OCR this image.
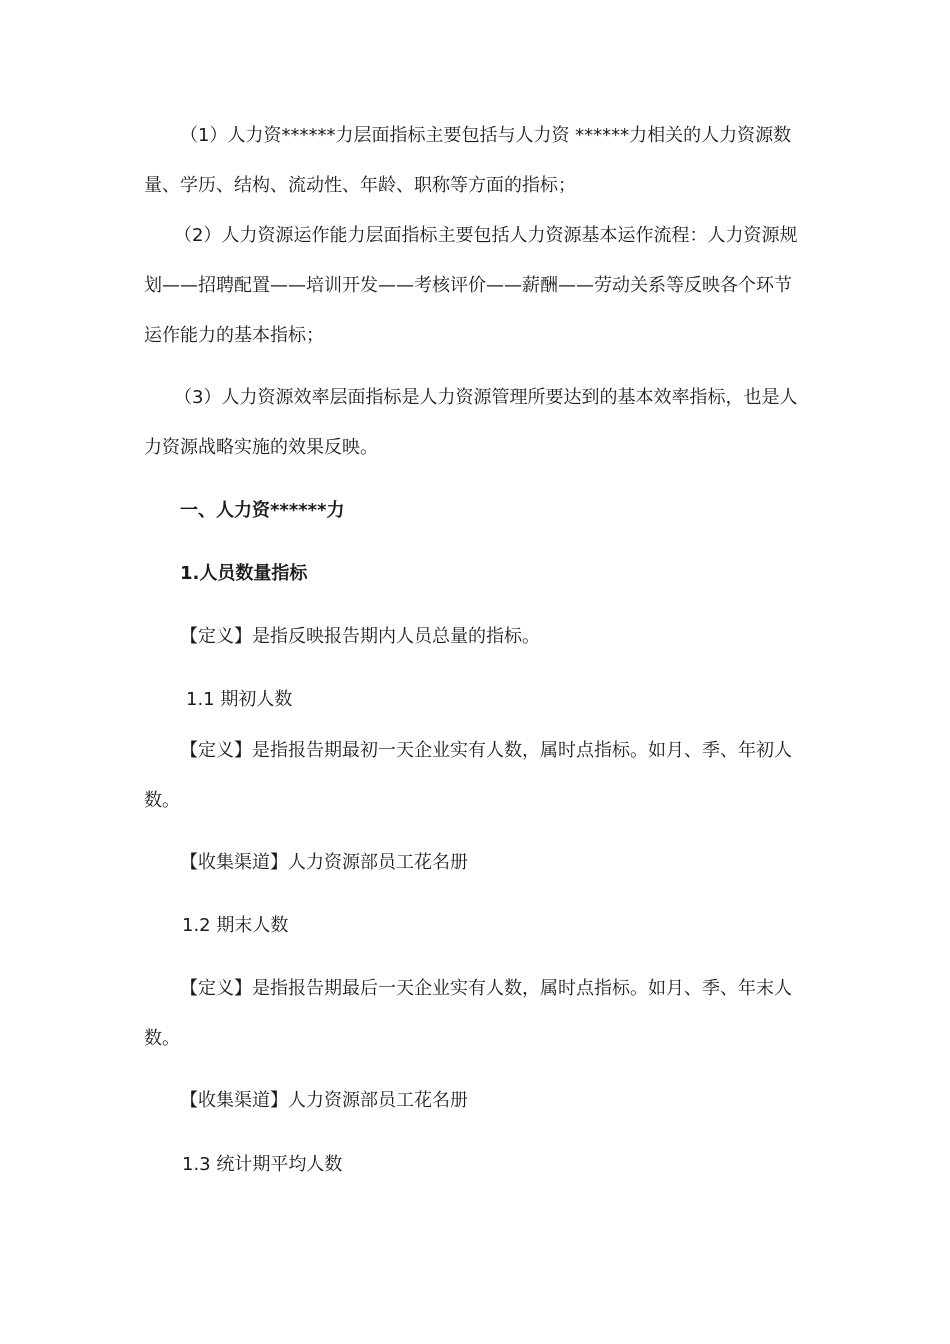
（1）人力资******力层面指标主要包括与人力资 ******力相关的人力资源数量、学历、结构、流动性、年龄、职称等方面的指标；

（2）人力资源运作能力层面指标主要包括人力资源基本运作流程：人力资源规划——招聘配置——培训开发——考核评价——薪酬——劳动关系等反映各个环节运作能力的基本指标；

（3）人力资源效率层面指标是人力资源管理所要达到的基本效率指标，也是人力资源战略实施的效果反映。

一、人力资******力

1.人员数量指标

【定义】是指反映报告期内人员总量的指标。

1.1 期初人数

【定义】是指报告期最初一天企业实有人数，属时点指标。如月、季、年初人数。

【收集渠道】人力资源部员工花名册

1.2 期末人数

【定义】是指报告期最后一天企业实有人数，属时点指标。如月、季、年末人数。

【收集渠道】人力资源部员工花名册

1.3 统计期平均人数
